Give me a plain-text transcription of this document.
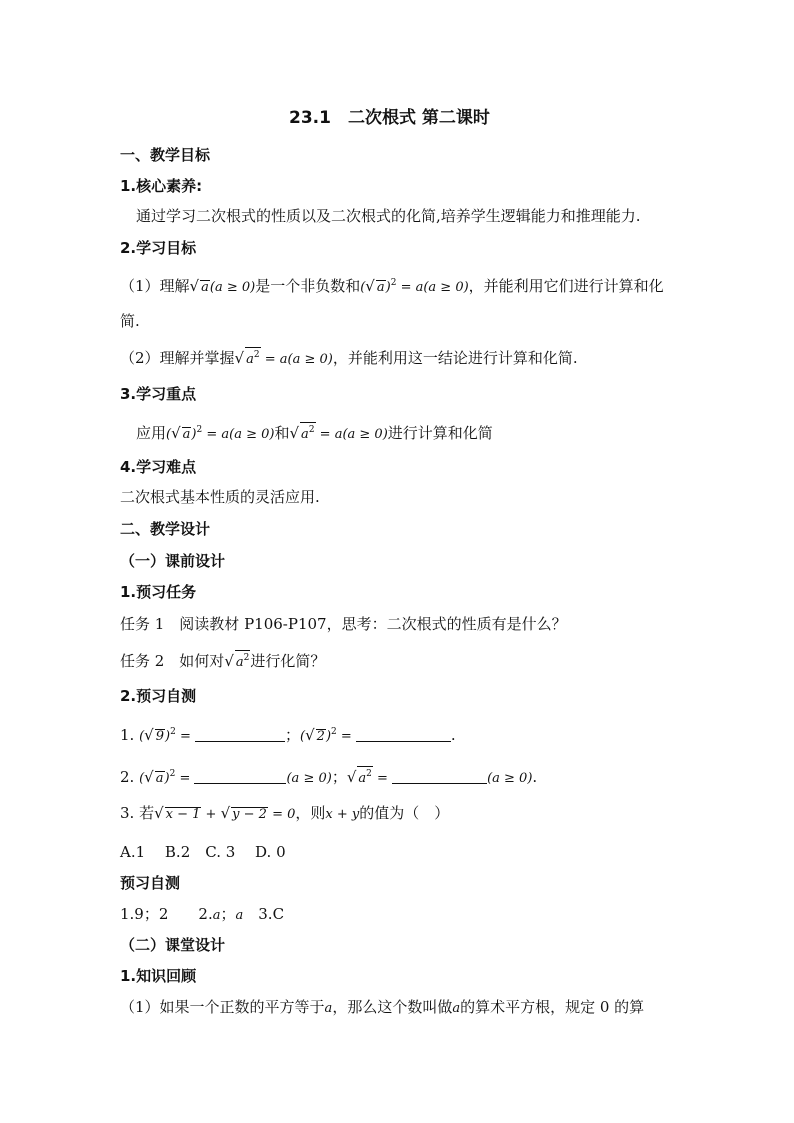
23.1　二次根式 第二课时
一、教学目标
1.核心素养:
通过学习二次根式的性质以及二次根式的化简,培养学生逻辑能力和推理能力.
2.学习目标
（1）理解√ a(a ≥ 0)是一个非负数和(√ a)$^2$ = a(a ≥ 0)，并能利用它们进行计算和化
简.
（2）理解并掌握√ $a^2 = a(a \ge 0)$，并能利用这一结论进行计算和化简.
3.学习重点
应用(√ a)$^2$ = a(a ≥ 0)和√ $a^2 = a(a \ge 0)$进行计算和化简
4.学习难点
二次根式基本性质的灵活应用.
二、教学设计
（一）课前设计
1.预习任务
任务 1　阅读教材 P106-P107，思考：二次根式的性质有是什么？
任务 2　如何对√ $a^2$进行化简？
2.预习自测
1. (√ 9)$^2$ =	；(√ 2)$^2$ =	.
2. (√ a)$^2$ =	(a ≥ 0)；√ $a^2$ =	(a ≥ 0).
3. 若√ x − 1 + √ y − 2 = 0，则x + y的值为（　）
A.1　 B.2　C. 3　 D. 0
预习自测
1.9；2　　2.a；a　3.C
（二）课堂设计
1.知识回顾
（1）如果一个正数的平方等于a，那么这个数叫做a的算术平方根，规定 0 的算
